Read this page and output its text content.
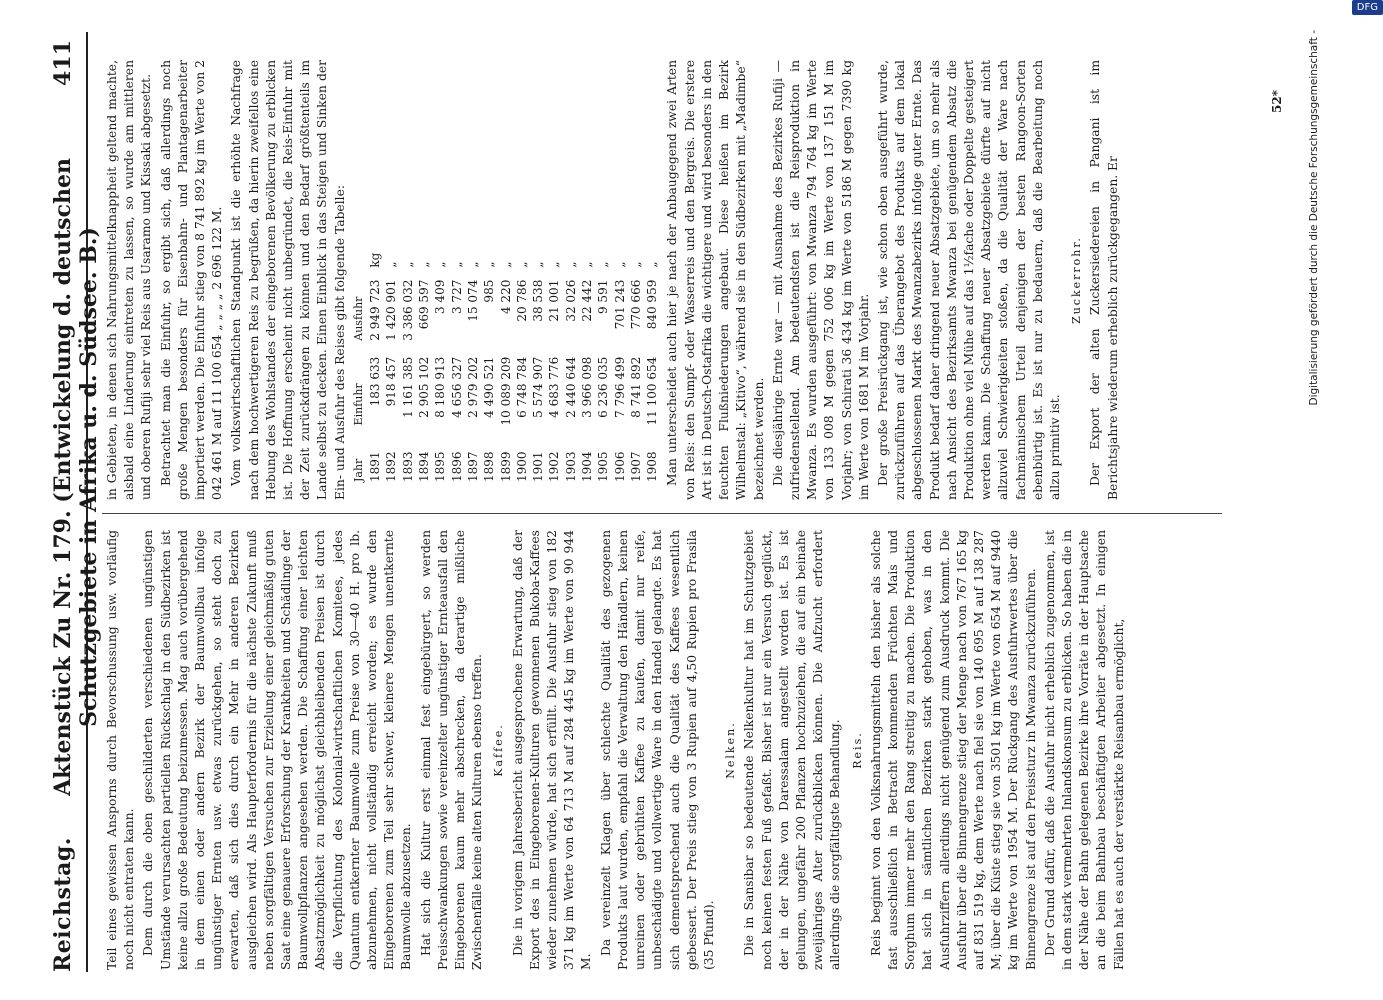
Reichstag.
Aktenstück Zu Nr. 179. (Entwickelung d. deutschen Schutzgebiete in Afrika u. d. Südsee. B.)
411

Teil eines gewissen Ansporns durch Bevorschussung usw. vorläufig noch nicht entraten kann. Dem durch die oben geschilderten verschiedenen ungünstigen Umstände verursachten partiellen Rückschlag in den Südbezirken ist keine allzu große Bedeutung beizumessen. Mag auch vorübergehend in dem einen oder andern Bezirk der Baumwollbau infolge ungünstiger Ernten usw. etwas zurückgehen, so steht doch zu erwarten, daß sich dies durch ein Mehr in anderen Bezirken ausgleichen wird. Als Haupterfordernis für die nächste Zukunft muß neben sorgfältigen Versuchen zur Erzielung einer gleichmäßig guten Saat eine genauere Erforschung der Krankheiten und Schädlinge der Baumwollpflanzen angesehen werden. Die Schaffung einer leichten Absatzmöglichkeit zu möglichst gleichbleibenden Preisen ist durch die Verpflichtung des Kolonial-wirtschaftlichen Komitees, jedes Quantum entkernter Baumwolle zum Preise von 30—40 H. pro lb. abzunehmen, nicht vollständig erreicht worden; es wurde den Eingeborenen zum Teil sehr schwer, kleinere Mengen unentkernte Baumwolle abzusetzen. Hat sich die Kultur erst einmal fest eingebürgert, so werden Preisschwankungen sowie vereinzelter ungünstiger Ernteausfall den Eingeborenen kaum mehr abschrecken, da derartige mißliche Zwischenfälle keine alten Kulturen ebenso treffen. Kaffee. Die in vorigem Jahresbericht ausgesprochene Erwartung, daß der Export des in Eingeborenen-Kulturen gewonnenen Bukoba-Kaffees wieder zunehmen würde, hat sich erfüllt. Die Ausfuhr stieg von 182 371 kg im Werte von 64 713 M auf 284 445 kg im Werte von 90 944 M.

Da vereinzelt Klagen über schlechte Qualität des gezogenen Produkts laut wurden, empfahl die Verwaltung den Händlern, keinen unreinen oder gebrühten Kaffee zu kaufen, damit nur reife, unbeschädigte und vollwertige Ware in den Handel gelangte. Es hat sich dementsprechend auch die Qualität des Kaffees wesentlich gebessert. Der Preis stieg von 3 Rupien auf 4,50 Rupien pro Frasila (35 Pfund).

Nelken. Die in Sansibar so bedeutende Nelkenkultur hat im Schutzgebiet noch keinen festen Fuß gefaßt. Bisher ist nur ein Versuch geglückt, der in der Nähe von Daressalam angestellt worden ist. Es ist gelungen, ungefähr 200 Pflanzen hochzuziehen, die auf ein beinahe zweijähriges Alter zurückblicken können. Die Aufzucht erfordert allerdings die sorgfältigste Behandlung. Reis. Reis beginnt von den Volksnahrungsmitteln den bisher als solche fast ausschließlich in Betracht kommenden Früchten Mais und Sorghum immer mehr den Rang streitig zu machen. Die Produktion hat sich in sämtlichen Bezirken stark gehoben, was in den Ausfuhrziffern allerdings nicht genügend zum Ausdruck kommt. Die Ausfuhr über die Binnengrenze stieg der Menge nach von 767 165 kg auf 831 519 kg, dem Werte nach fiel sie von 140 695 M auf 138 287 M; über die Küste stieg sie von 3501 kg im Werte von 654 M auf 9440 kg im Werte von 1954 M. Der Rückgang des Ausfuhrwertes über die Binnengrenze ist auf den Preissturz in Mwanza zurückzuführen. Der Grund dafür, daß die Ausfuhr nicht erheblich zugenommen, ist in dem stark vermehrten Inlandskonsum zu erblicken. So haben die in der Nähe der Bahn gelegenen Bezirke ihre Vorräte in der Hauptsache an die beim Bahnbau beschäftigten Arbeiter abgesetzt. In einigen Fällen hat es auch der verstärkte Reisanbau ermöglicht,

in Gebieten, in denen sich Nahrungsmittelknappheit geltend machte, alsbald eine Linderung eintreten zu lassen, so wurde am mittleren und oberen Rufiji sehr viel Reis aus Usaramo und Kissaki abgesetzt. Betrachtet man die Einfuhr, so ergibt sich, daß allerdings noch große Mengen besonders für Eisenbahn- und Plantagenarbeiter importiert werden. Die Einfuhr stieg von 8 741 892 kg im Werte von 2 042 461 M auf 11 100 654 „ „ „ „ 2 696 122 M. Vom volkswirtschaftlichen Standpunkt ist die erhöhte Nachfrage nach dem hochwertigeren Reis zu begrüßen, da hierin zweifellos eine Hebung des Wohlstandes der eingeborenen Bevölkerung zu erblicken ist. Die Hoffnung erscheint nicht unbegründet, die Reis-Einfuhr mit der Zeit zurückdrängen zu können und den Bedarf größtenteils im Lande selbst zu decken. Einen Einblick in das Steigen und Sinken der Ein- und Ausfuhr des Reises gibt folgende Tabelle: Jahr	Einfuhr	Ausfuhr	
1891	183 633	2 949 723	kg
1892	918 457	1 420 901	„
1893	1 161 385	3 386 032	„
1894	2 905 102	669 597	„
1895	8 180 913	3 409	„
1896	4 656 327	3 727	„
1897	2 979 202	15 074	„
1898	4 490 521	985	„
1899	10 089 209	4 220	„
1900	6 748 784	20 786	„
1901	5 574 907	38 538	„
1902	4 683 776	21 001	„
1903	2 440 644	32 026	„
1904	3 966 098	22 442	„
1905	6 236 035	9 591	„
1906	7 796 499	701 243	„
1907	8 741 892	770 666	„
1908	11 100 654	840 959	„ Man unterscheidet auch hier je nach der Anbaugegend zwei Arten von Reis: den Sumpf- oder Wasserreis und den Bergreis. Die erstere Art ist in Deutsch-Ostafrika die wichtigere und wird besonders in den feuchten Flußniederungen angebaut. Diese heißen im Bezirk Wilhelmstal: „Kitivo“, während sie in den Südbezirken mit „Madimbe“ bezeichnet werden. Die diesjährige Ernte war — mit Ausnahme des Bezirkes Rufiji — zufriedenstellend. Am bedeutendsten ist die Reisproduktion in Mwanza. Es wurden ausgeführt: von Mwanza 794 764 kg im Werte von 133 008 M gegen 752 006 kg im Werte von 137 151 M im Vorjahr; von Schirati 36 434 kg im Werte von 5186 M gegen 7390 kg im Werte von 1681 M im Vorjahr. Der große Preisrückgang ist, wie schon oben ausgeführt wurde, zurückzuführen auf das Überangebot des Produkts auf dem lokal abgeschlossenen Markt des Mwanzabezirks infolge guter Ernte. Das Produkt bedarf daher dringend neuer Absatzgebiete, um so mehr als nach Ansicht des Bezirksamts Mwanza bei genügendem Absatz die Produktion ohne viel Mühe auf das 1½fache oder Doppelte gesteigert werden kann. Die Schaffung neuer Absatzgebiete dürfte auf nicht allzuviel Schwierigkeiten stoßen, da die Qualität der Ware nach fachmännischem Urteil denjenigen der besten Rangoon-Sorten ebenbürtig ist. Es ist nur zu bedauern, daß die Bearbeitung noch allzu primitiv ist.

Zuckerrohr. Der Export der alten Zuckersiedereien in Pangani ist im Berichtsjahre wiederum erheblich zurückgegangen. Er

52* Digitalisierung gefördert durch die Deutsche Forschungsgemeinschaft -
DFG
